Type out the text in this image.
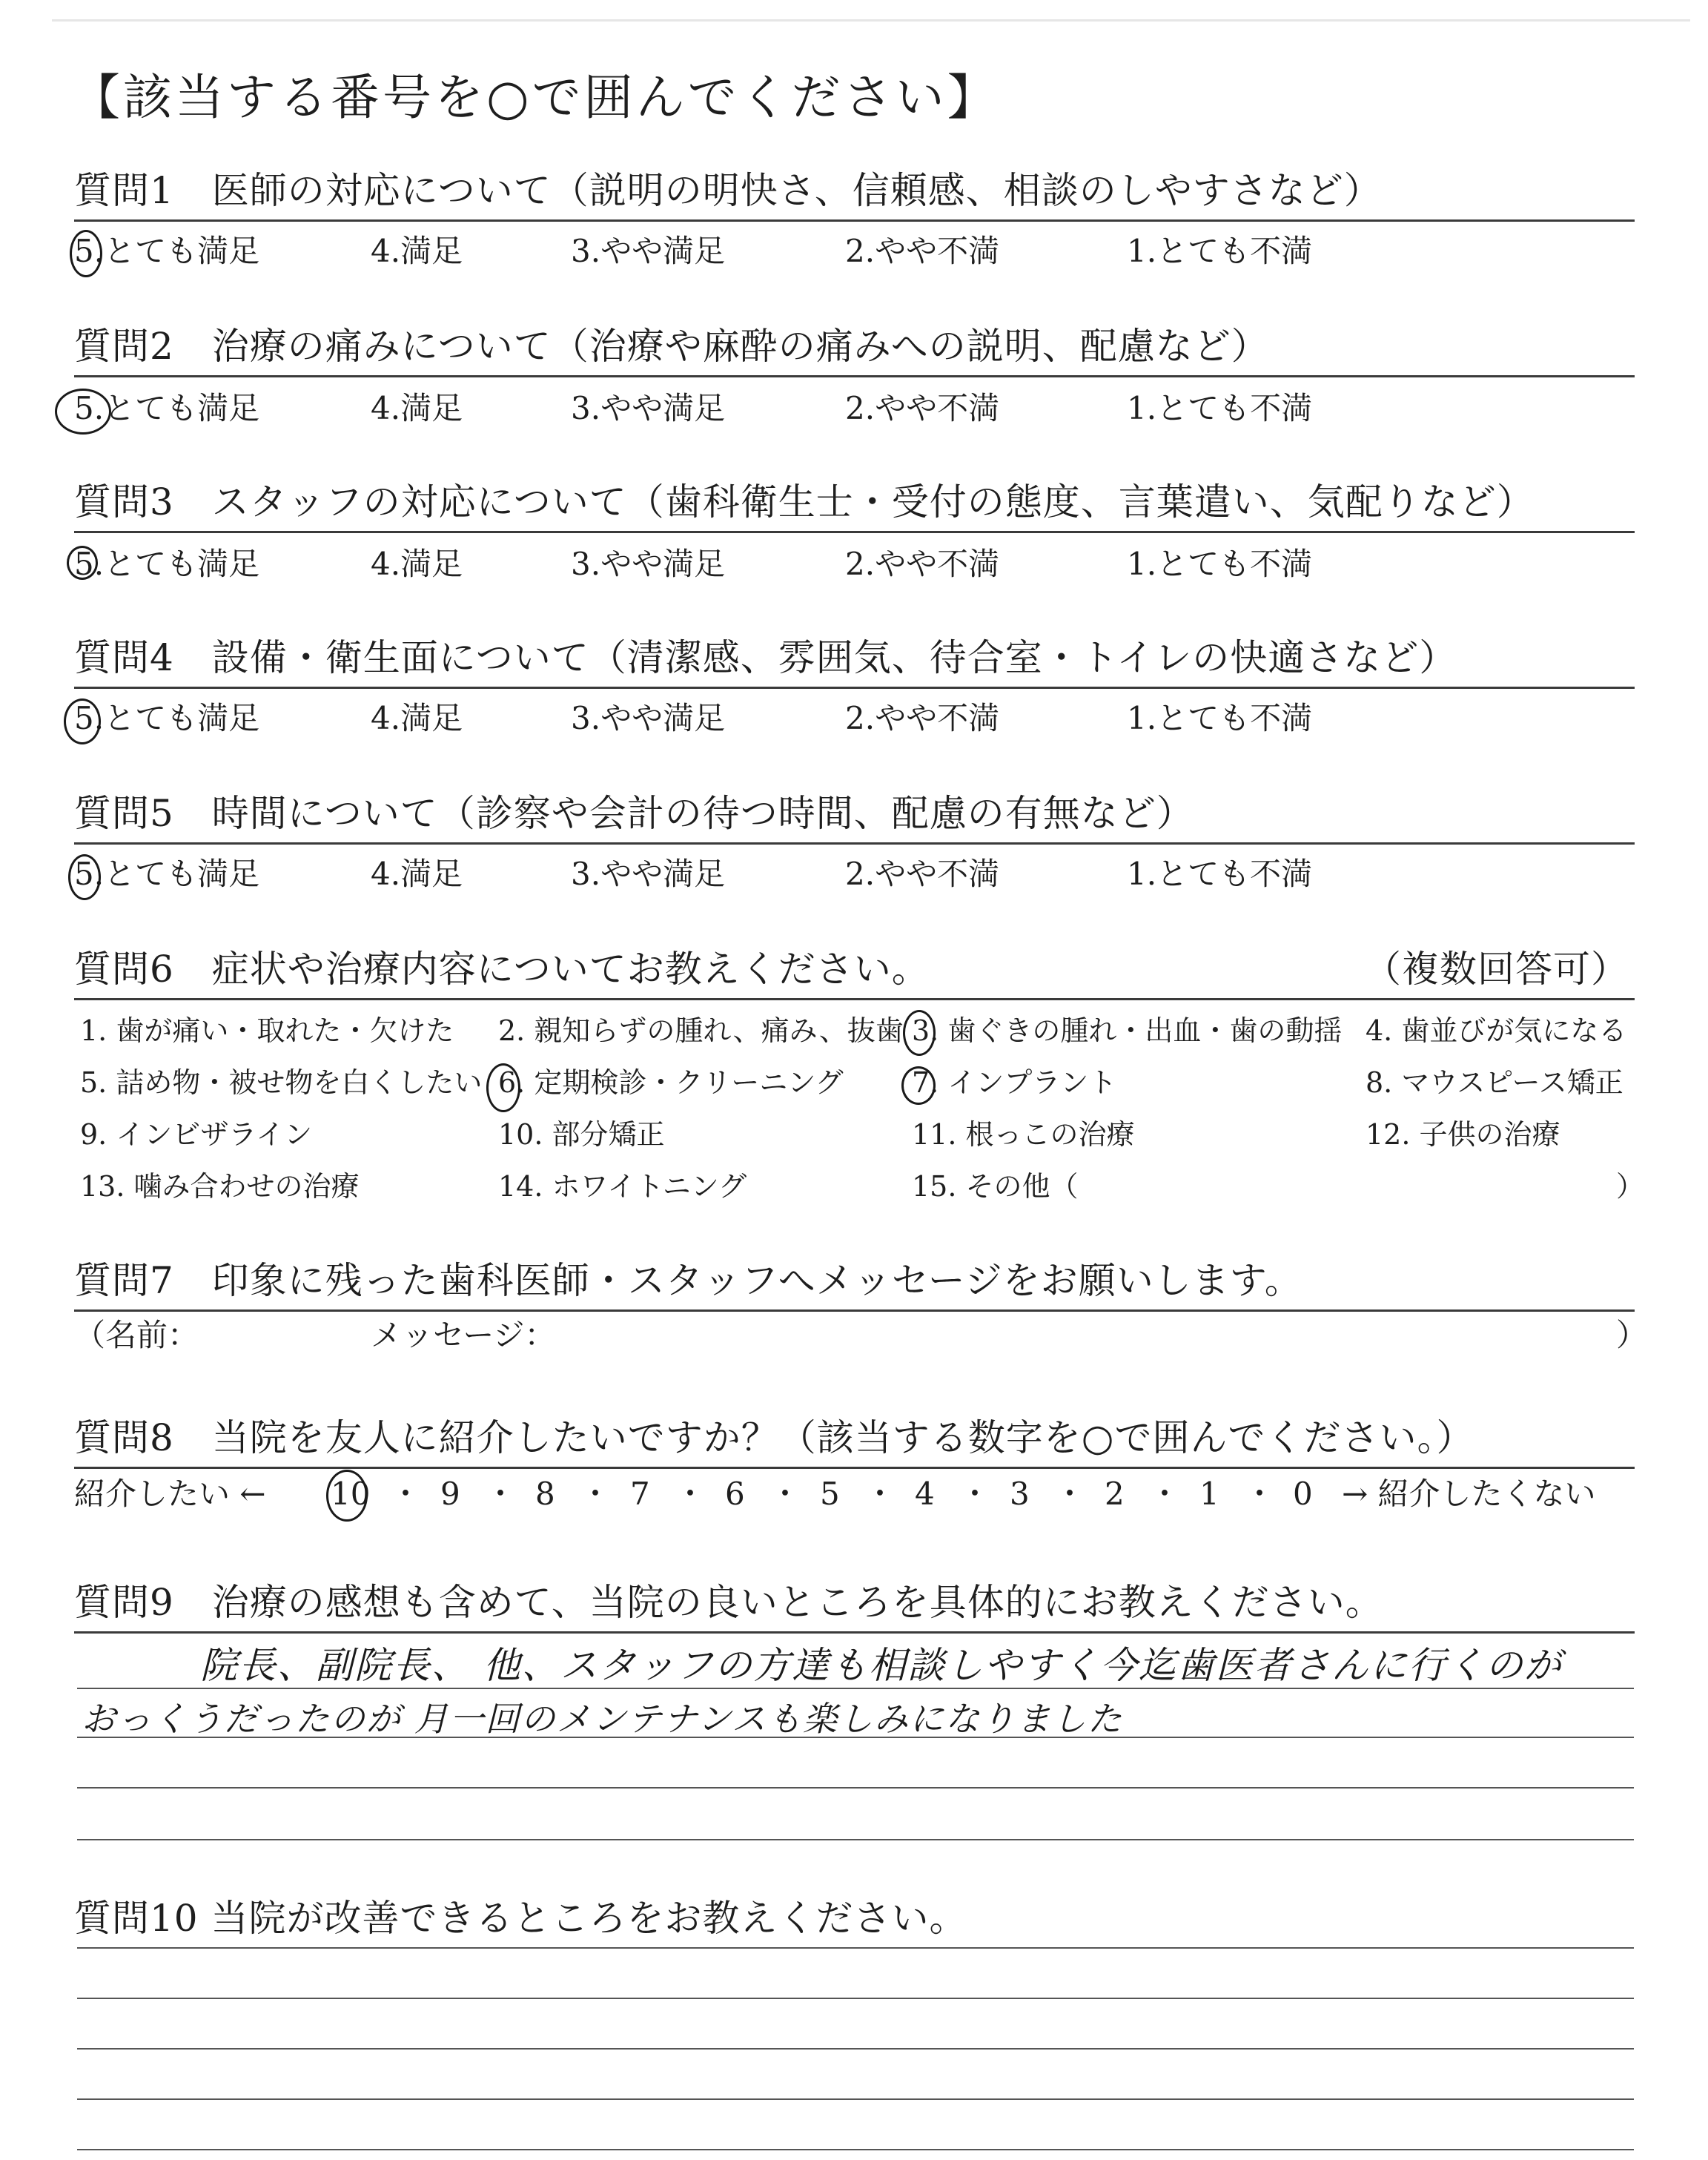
【該当する番号を○で囲んでください】
質問1　医師の対応について（説明の明快さ、信頼感、相談のしやすさなど）
5.とても満足	4.満足	3.やや満足	2.やや不満	1.とても不満
質問2　治療の痛みについて（治療や麻酔の痛みへの説明、配慮など）
5.とても満足	4.満足	3.やや満足	2.やや不満	1.とても不満
質問3　スタッフの対応について（歯科衛生士・受付の態度、言葉遣い、気配りなど）
5.とても満足	4.満足	3.やや満足	2.やや不満	1.とても不満
質問4　設備・衛生面について（清潔感、雰囲気、待合室・トイレの快適さなど）
5.とても満足	4.満足	3.やや満足	2.やや不満	1.とても不満
質問5　時間について（診察や会計の待つ時間、配慮の有無など）
5.とても満足	4.満足	3.やや満足	2.やや不満	1.とても不満
質問6　症状や治療内容についてお教えください。	（複数回答可）
1. 歯が痛い・取れた・欠けた 2. 親知らずの腫れ、痛み、抜歯 3. 歯ぐきの腫れ・出血・歯の動揺 4. 歯並びが気になる
5. 詰め物・被せ物を白くしたい 6. 定期検診・クリーニング 7. インプラント	8. マウスピース矯正
9. インビザライン	10. 部分矯正	11. 根っこの治療	12. 子供の治療
13. 噛み合わせの治療	14. ホワイトニング	15. その他（	）
質問7　印象に残った歯科医師・スタッフへメッセージをお願いします。
（名前：	メッセージ：	）
質問8　当院を友人に紹介したいですか？（該当する数字を○で囲んでください。）
紹介したい ←	→ 紹介したくない
10 ・ 9 ・ 8 ・ 7 ・ 6 ・ 5 ・ 4 ・ 3 ・ 2 ・ 1 ・ 0
質問9　治療の感想も含めて、当院の良いところを具体的にお教えください。
院長、副院長、 他、スタッフの方達も相談しやすく今迄歯医者さんに行くのが
おっくうだったのが 月一回のメンテナンスも楽しみになりました
質問10 当院が改善できるところをお教えください。
